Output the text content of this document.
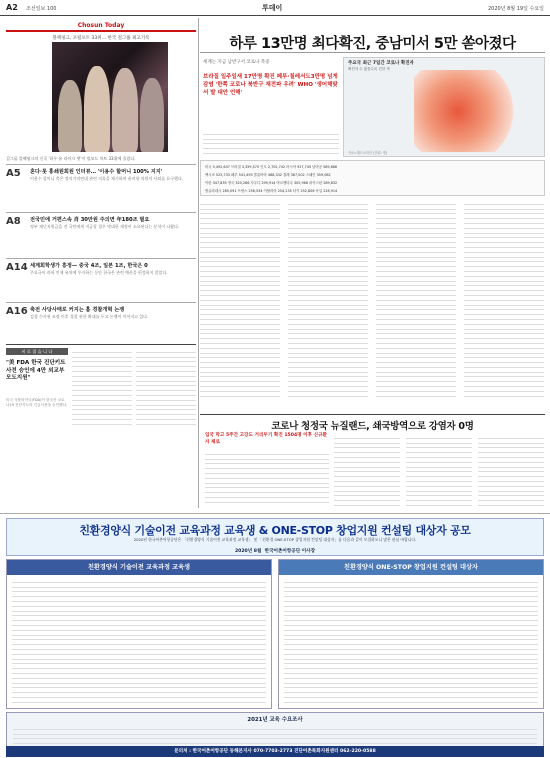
A2 조선일보 100	투데이	2020년 8월 19일 수요일
Chosun Today
블랙핑크, 포털포트 33위… 한국 걸그룹 최고기록
걸그룹 블랙핑크의 신곡 '하우 유 라이크 댓'이 빌보드 차트 33위에 올랐다.
A5 혼다·롯 홍쇄원회원 인터뷰… '이용수 할머니 100% 지지'
이용수 할머니 측은 정의기억연대 관련 의혹을 제기하며 윤미향 의원의 사퇴를 요구했다.
A8 전국민에 거편스속 肖 30만원 주의면 年180조 필요
정부 재난지원금을 전 국민에게 지급할 경우 막대한 재정이 소요된다는 분석이 나왔다.
A14 세계회학생가 흥정— 중국 4조, 일본 1조, 한국은 0
주요국이 과학 인재 유치에 투자하는 동안 한국은 관련 예산을 편성하지 않았다.
A16 축전 사당사태로 커지는 홈 경찰개혁 논쟁
검경 수사권 조정 이후 경찰 권한 확대를 두고 논쟁이 이어지고 있다.
비 로 접 습 니 다
"美 FDA 한국 진단키트 사전 승인에 4만 외교부 모도지원"
미국 식품의약국(FDA)이 한국산 코로나19 진단키트의 긴급사용을 승인했다.
하루 13만명 최다확진, 중남미서 5만 쏟아졌다
세계는 지금 남반구서 코로나 폭증
브라질 일주일새 17만명 확진 페루·칠레서도3만명 넘게 감염 '한쪽 코로나 북반구 재전파 우려' WHO '생어해맞서 발 대안 언해'
주요국 최근 7일간 코로나 확진자
확진자 수 많을수록 진한 색
자료=월드오미터 (단위: 명)
미국 5,492,647 브라질 3,359,570 인도 2,702,742 러시아 927,745 남아공 589,886
멕시코 525,733 페루 541,493 콜롬비아 468,332 칠레 387,502 스페인 359,082
이란 347,835 영국 320,286 사우디 299,914 아르헨티나 305,966 파키스탄 289,832
방글라데시 285,091 프랑스 256,534 이탈리아 254,235 터키 252,806 독일 226,914
코로나 청정국 뉴질랜드, 쇄국방역으로 강염자 0명
입국 막고 5주간 고강도 거리두기 확진 1504명 이후 신규환자 제로
친환경양식 기술이전 교육과정 교육생 & ONE-STOP 창업지원 컨설팅 대상자 공모
2020년 한국어촌어항공단은 「친환경양식 기술이전 교육과정 교육생」 및 「친환경 ONE-STOP 창업지원 컨설팅 대상자」를 다음과 같이 모집하오니 많은 관심 바랍니다.
2020년 8월 한국어촌어항공단 이사장
친환경양식 기술이전 교육과정 교육생	친환경양식 ONE-STOP 창업지원 컨설팅 대상자
2021년 교육 수요조사
문의처 : 한국어촌어항공단 동해본지사 070-7703-2773 진단어촌특화지원센터 062-220-0588
